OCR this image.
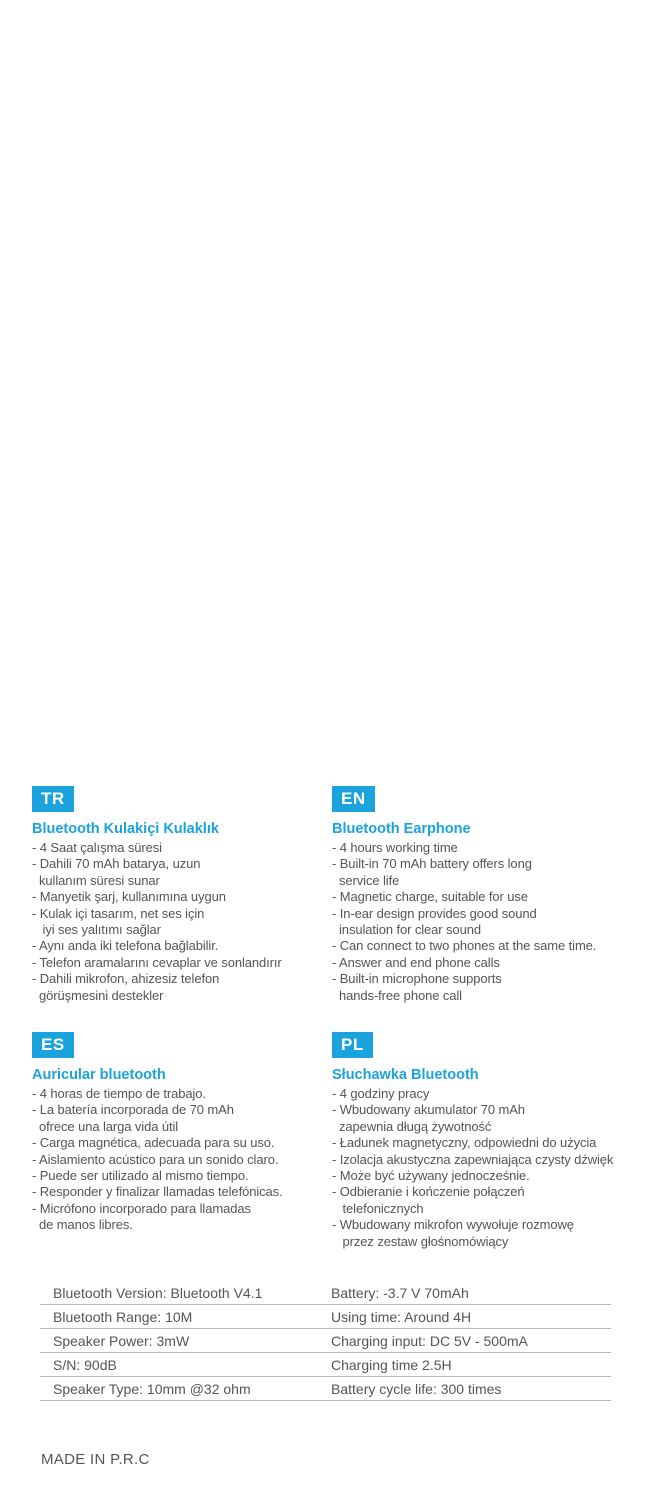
TR
Bluetooth Kulakiçi Kulaklık
- 4 Saat çalışma süresi
- Dahili 70 mAh batarya, uzun
kullanım süresi sunar
- Manyetik şarj, kullanımına uygun
- Kulak içi tasarım, net ses için
iyi ses yalıtımı sağlar
- Aynı anda iki telefona bağlabilir.
- Telefon aramalarını cevaplar ve sonlandırır
- Dahili mikrofon, ahizesiz telefon
görüşmesini destekler
EN
Bluetooth Earphone
- 4 hours working time
- Built-in 70 mAh battery offers long
service life
- Magnetic charge, suitable for use
- In-ear design provides good sound
insulation for clear sound
- Can connect to two phones at the same time.
- Answer and end phone calls
- Built-in microphone supports
hands-free phone call
ES
Auricular bluetooth
- 4 horas de tiempo de trabajo.
- La batería incorporada de 70 mAh
ofrece una larga vida útil
- Carga magnética, adecuada para su uso.
- Aislamiento acústico para un sonido claro.
- Puede ser utilizado al mismo tiempo.
- Responder y finalizar llamadas telefónicas.
- Micrófono incorporado para llamadas
de manos libres.
PL
Słuchawka Bluetooth
- 4 godziny pracy
- Wbudowany akumulator 70 mAh
zapewnia długą żywotność
- Ładunek magnetyczny, odpowiedni do użycia
- Izolacja akustyczna zapewniająca czysty dźwięk
- Może być używany jednocześnie.
- Odbieranie i kończenie połączeń
telefonicznych
- Wbudowany mikrofon wywołuje rozmowę
przez zestaw głośnomówiący
Bluetooth Version: Bluetooth V4.1	Battery: -3.7 V 70mAh
Bluetooth Range: 10M	Using time: Around 4H
Speaker Power: 3mW	Charging input: DC 5V - 500mA
S/N: 90dB	Charging time 2.5H
Speaker Type: 10mm @32 ohm	Battery cycle life: 300 times
MADE IN P.R.C
